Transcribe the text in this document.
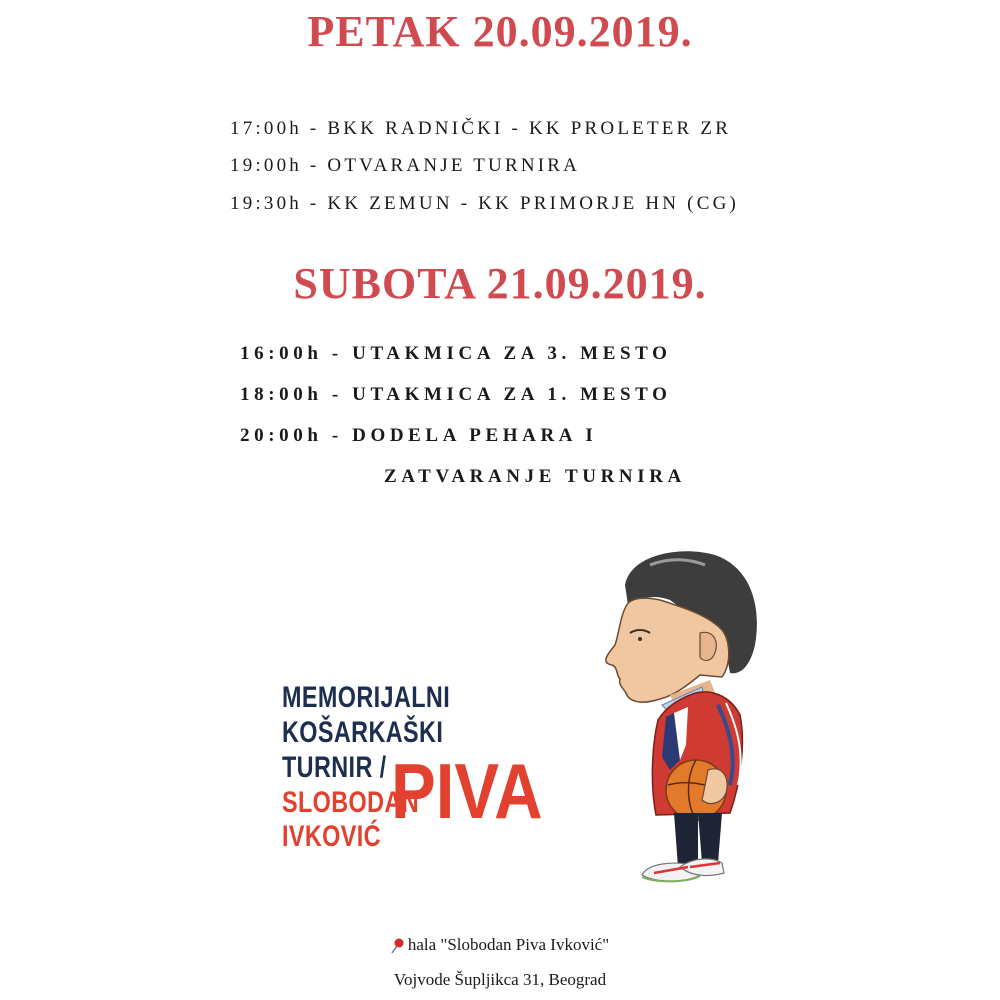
PETAK 20.09.2019.
17:00h - BKK RADNIČKI - KK PROLETER ZR
19:00h - OTVARANJE TURNIRA
19:30h - KK ZEMUN - KK PRIMORJE HN (CG)
SUBOTA 21.09.2019.
16:00h - UTAKMICA ZA 3. MESTO
18:00h - UTAKMICA ZA 1. MESTO
20:00h - DODELA PEHARA I
ZATVARANJE TURNIRA
MEMORIJALNI
KOŠARKAŠKI
TURNIR /
SLOBODAN
IVKOVIĆ
PIVA
hala "Slobodan Piva Ivković"
Vojvode Šupljikca 31, Beograd
